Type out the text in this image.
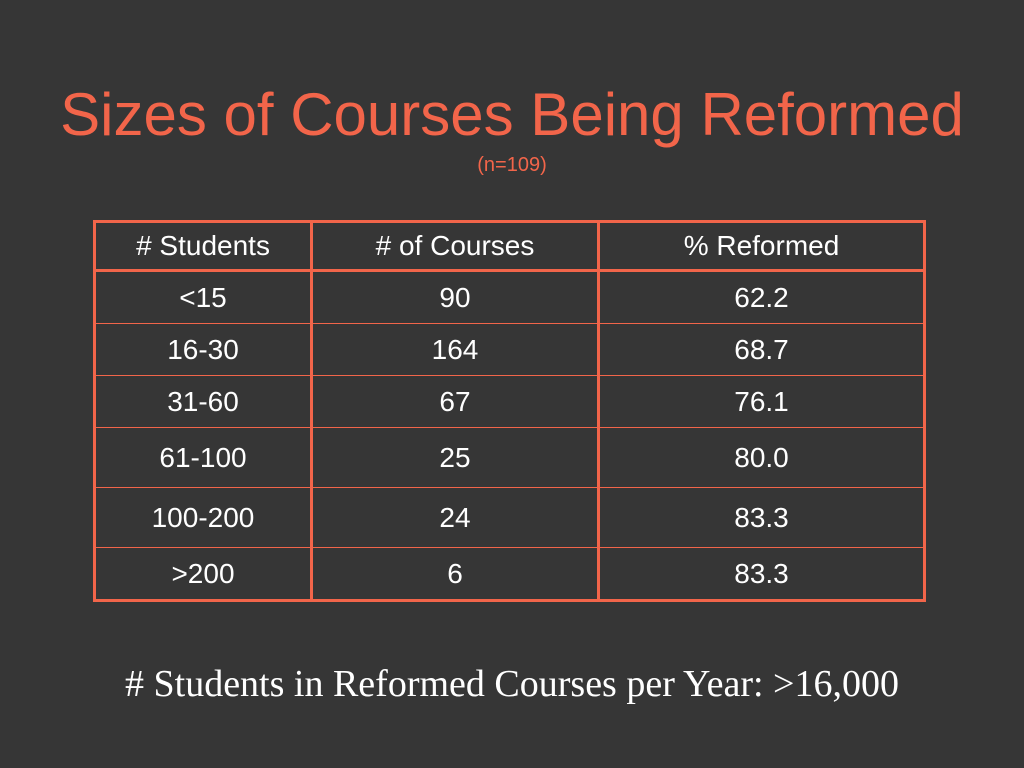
Sizes of Courses Being Reformed
(n=109)
# Students	# of Courses	% Reformed
<15	90	62.2
16-30	164	68.7
31-60	67	76.1
61-100	25	80.0
100-200	24	83.3
>200	6	83.3
# Students in Reformed Courses per Year: >16,000
